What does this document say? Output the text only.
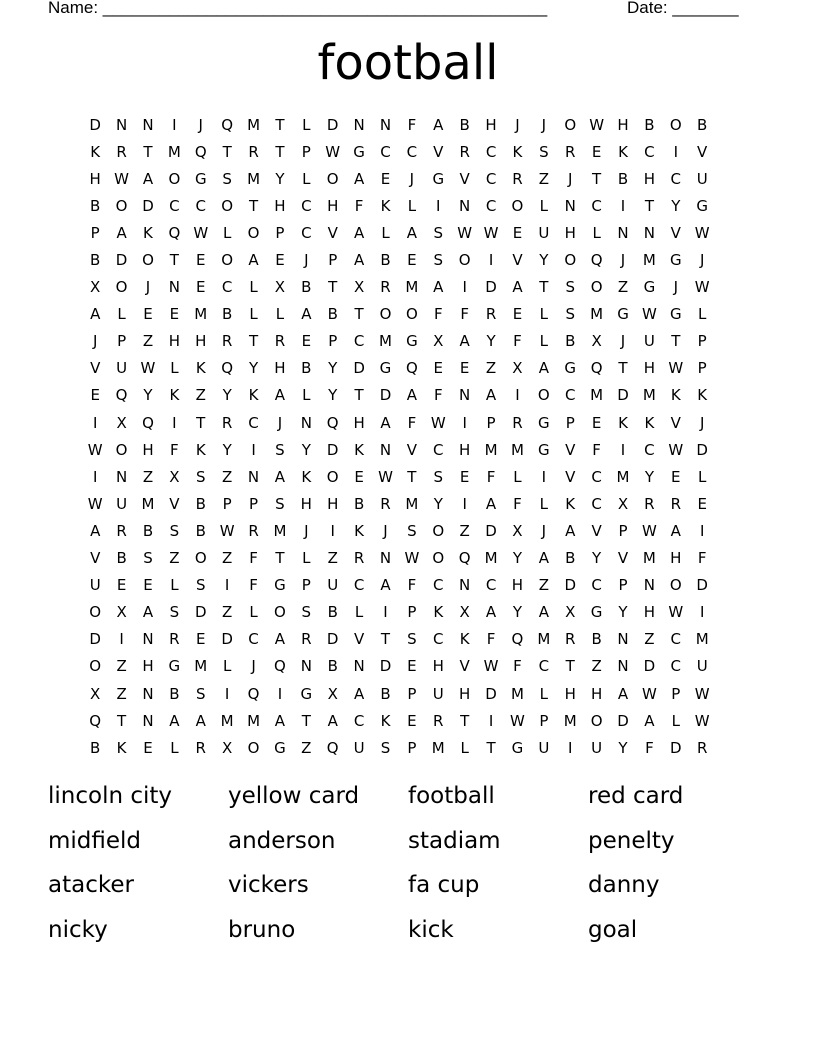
Name: _______________________________________________	Date: _______
football
D	N	N	I	J	Q M	T	L	D	N	N	F	A	B	H	J	J	O W H	B	O	B
K	R	T	M Q	T	R	T	P W G	C	C	V	R	C	K	S	R	E	K	C	I	V
H W A	O G	S	M	Y	L	O	A	E	J	G	V	C	R	Z	J	T	B	H	C	U
B	O D	C	C	O	T	H	C	H	F	K	L	I	N	C	O	L	N	C	I	T	Y	G
P	A	K	Q W L	O	P	C	V	A	L	A	S W W E	U	H	L	N	N	V W
B	D O	T	E	O	A	E	J	P	A	B	E	S	O	I	V	Y	O Q	J	M G	J
X	O	J	N	E	C	L	X	B	T	X	R M A	I	D	A	T	S	O	Z	G	J	W
A	L	E	E	M B	L	L	A	B	T	O O	F	F	R	E	L	S	M G W G	L
J	P	Z	H	H	R	T	R	E	P	C M G	X	A	Y	F	L	B	X	J	U	T	P
V	U W L	K	Q	Y	H	B	Y	D G Q	E	E	Z	X	A	G Q	T	H W P
E	Q	Y	K	Z	Y	K	A	L	Y	T	D	A	F	N	A	I	O	C M D M K	K
I	X	Q	I	T	R	C	J	N Q H	A	F W	I	P	R	G	P	E	K	K	V	J
W O H	F	K	Y	I	S	Y	D	K	N	V	C	H M M G	V	F	I	C W D
I	N	Z	X	S	Z	N	A	K	O	E W T	S	E	F	L	I	V	C M	Y	E	L
W U M V	B	P	P	S	H	H	B	R M	Y	I	A	F	L	K	C	X	R	R	E
A	R	B	S	B W R M	J	I	K	J	S	O	Z	D	X	J	A	V	P W A	I
V	B	S	Z	O	Z	F	T	L	Z	R	N W O Q M	Y	A	B	Y	V M H	F
U	E	E	L	S	I	F	G	P	U	C	A	F	C	N	C	H	Z	D	C	P	N O D
O	X	A	S	D	Z	L	O	S	B	L	I	P	K	X	A	Y	A	X	G	Y	H W	I
D	I	N	R	E	D	C	A	R	D	V	T	S	C	K	F	Q M R	B	N	Z	C M
O	Z	H G M	L	J	Q N	B	N D	E	H	V W F	C	T	Z	N D	C	U
X	Z	N	B	S	I	Q	I	G	X	A	B	P	U	H D M	L	H	H	A W P W
Q	T	N	A	A M M A	T	A	C	K	E	R	T	I	W P	M O D	A	L W
B	K	E	L	R	X	O G	Z	Q	U	S	P	M	L	T	G	U	I	U	Y	F	D	R
lincoln city	yellow card	football	red card
midfield	anderson	stadiam	penelty
atacker	vickers	fa cup	danny
nicky	bruno	kick	goal
